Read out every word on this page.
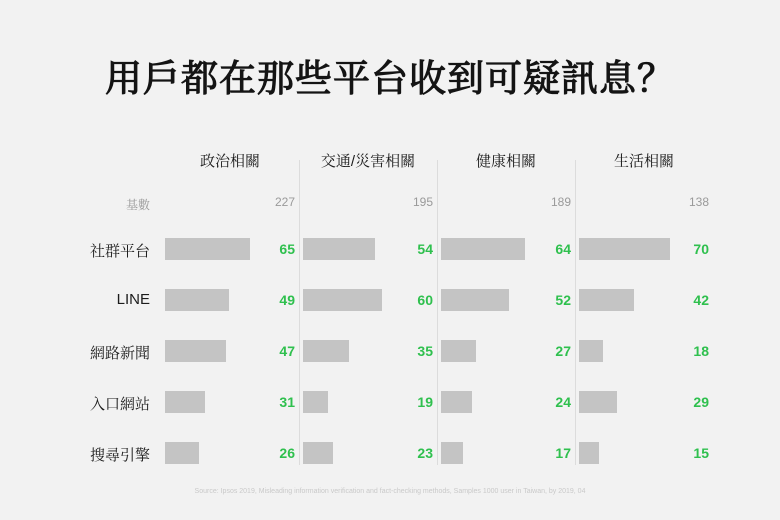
用戶都在那些平台收到可疑訊息？
政治相關	交通/災害相關	健康相關	生活相關
基數	227	195	189	138
社群平台	65	54	64	70
LINE	49	60	52	42
網路新聞	47	35	27	18
入口網站	31	19	24	29
搜尋引擎	26	23	17	15
Source: Ipsos 2019, Misleading information verification and fact-checking methods, Samples 1000 user in Taiwan, by 2019, 04
